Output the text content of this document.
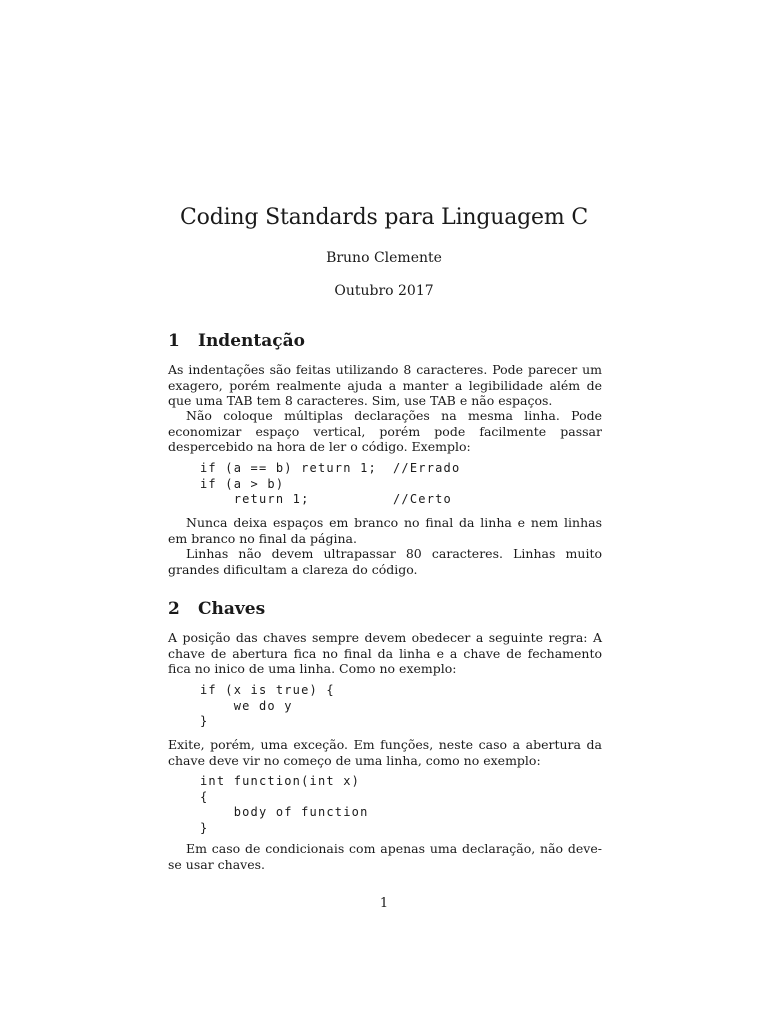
Coding Standards para Linguagem C
Bruno Clemente
Outubro 2017
1 Indentação

As indentações são feitas utilizando 8 caracteres. Pode parecer um exagero, porém realmente ajuda a manter a legibilidade além de que uma TAB tem 8 caracteres. Sim, use TAB e não espaços.

Não coloque múltiplas declarações na mesma linha. Pode economizar espaço vertical, porém pode facilmente passar despercebido na hora de ler o código. Exemplo:

if (a == b) return 1; //Errado
if (a > b)
return 1;	//Certo

Nunca deixa espaços em branco no final da linha e nem linhas em branco no final da página.

Linhas não devem ultrapassar 80 caracteres. Linhas muito grandes dificultam a clareza do código.

2 Chaves

A posição das chaves sempre devem obedecer a seguinte regra: A chave de abertura fica no final da linha e a chave de fechamento fica no inico de uma linha. Como no exemplo:

if (x is true) {
we do y
}

Exite, porém, uma exceção. Em funções, neste caso a abertura da chave deve vir no começo de uma linha, como no exemplo:

int function(int x)
{
body of function
}

Em caso de condicionais com apenas uma declaração, não deve-se usar chaves.

1
